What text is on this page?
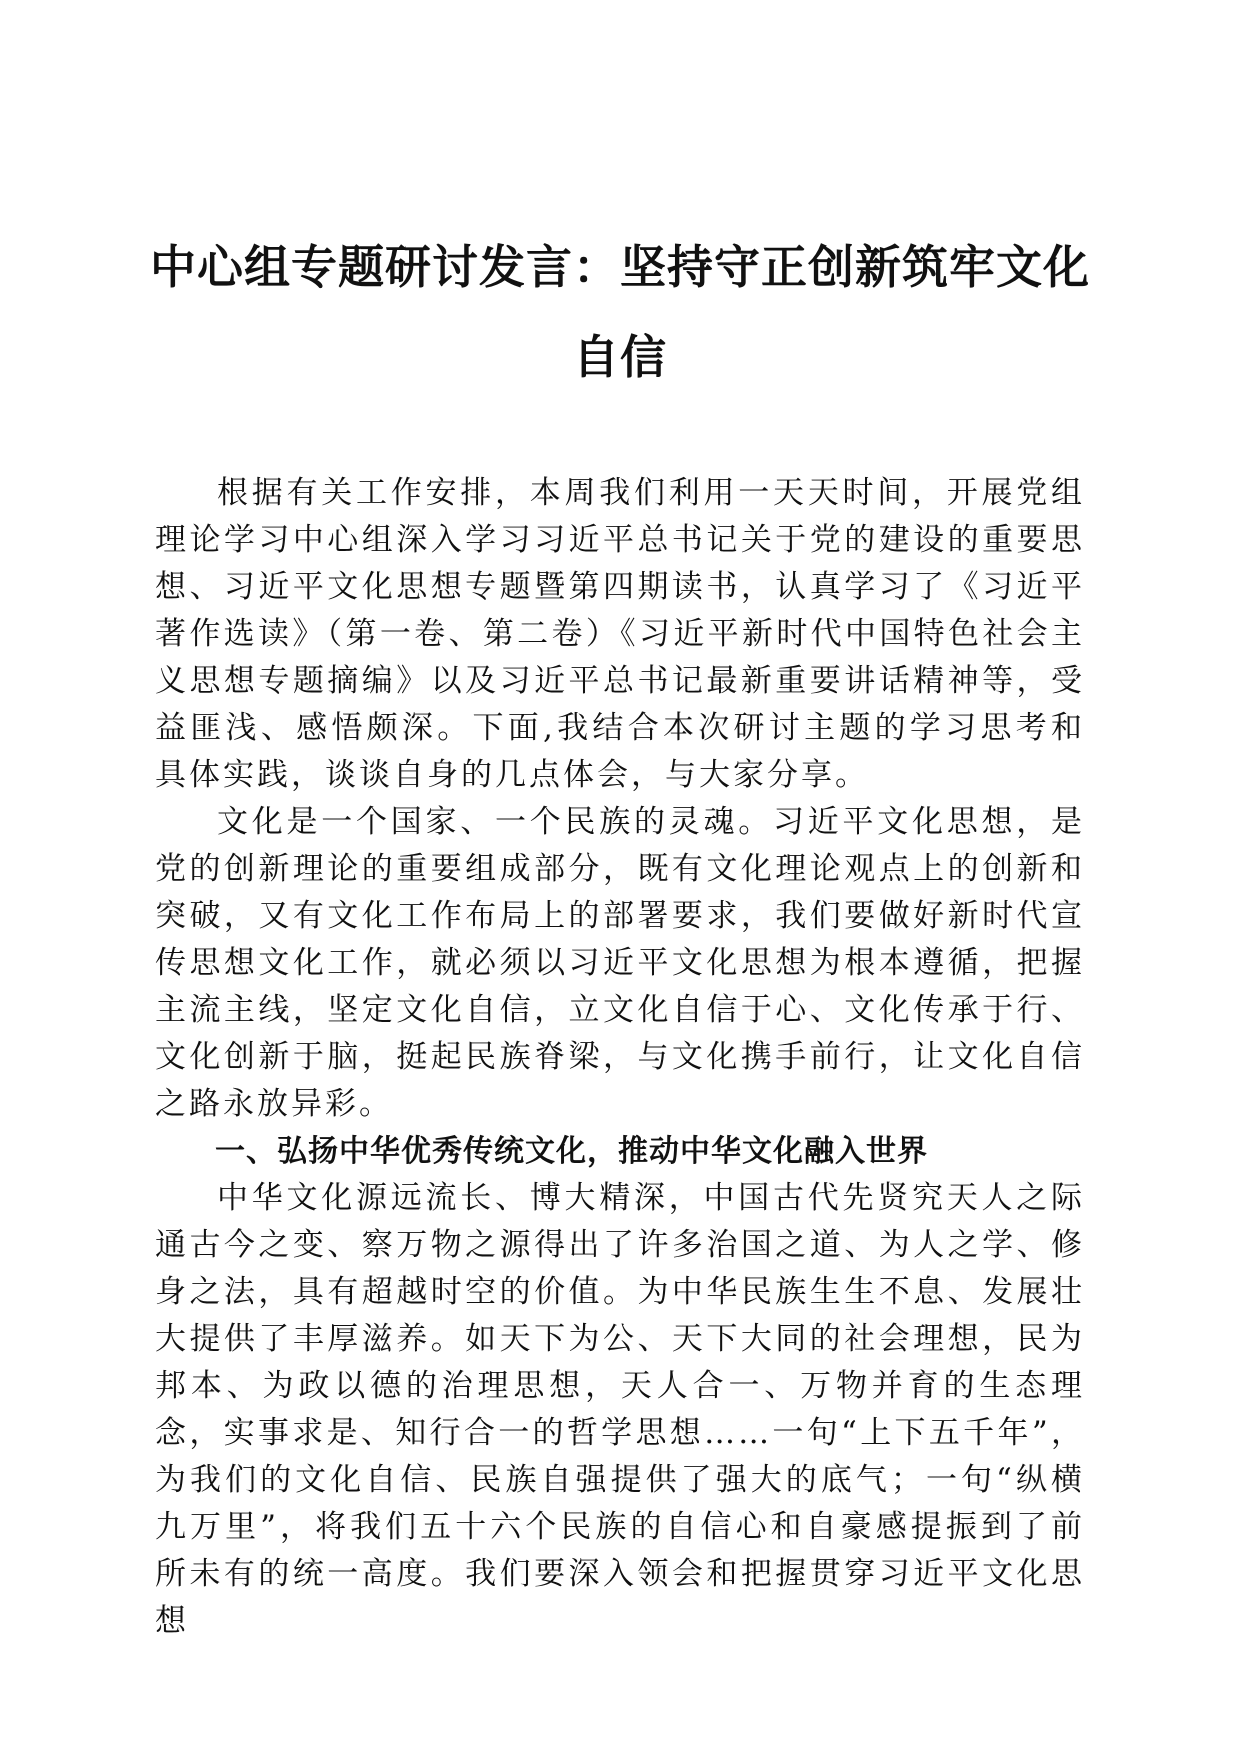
中心组专题研讨发言：坚持守正创新筑牢文化自信

根据有关工作安排，本周我们利用一天天时间，开展党组理论学习中心组深入学习习近平总书记关于党的建设的重要思想、习近平文化思想专题暨第四期读书，认真学习了《习近平著作选读》（第一卷、第二卷）《习近平新时代中国特色社会主义思想专题摘编》以及习近平总书记最新重要讲话精神等，受益匪浅、感悟颇深。下面,我结合本次研讨主题的学习思考和具体实践，谈谈自身的几点体会，与大家分享。

文化是一个国家、一个民族的灵魂。习近平文化思想，是党的创新理论的重要组成部分，既有文化理论观点上的创新和突破，又有文化工作布局上的部署要求，我们要做好新时代宣传思想文化工作，就必须以习近平文化思想为根本遵循，把握主流主线，坚定文化自信，立文化自信于心、文化传承于行、文化创新于脑，挺起民族脊梁，与文化携手前行，让文化自信之路永放异彩。

一、弘扬中华优秀传统文化，推动中华文化融入世界

中华文化源远流长、博大精深，中国古代先贤究天人之际通古今之变、察万物之源得出了许多治国之道、为人之学、修身之法，具有超越时空的价值。为中华民族生生不息、发展壮大提供了丰厚滋养。如天下为公、天下大同的社会理想，民为邦本、为政以德的治理思想，天人合一、万物并育的生态理念，实事求是、知行合一的哲学思想……一句“上下五千年”，为我们的文化自信、民族自强提供了强大的底气；一句“纵横九万里”，将我们五十六个民族的自信心和自豪感提振到了前所未有的统一高度。我们要深入领会和把握贯穿习近平文化思想
